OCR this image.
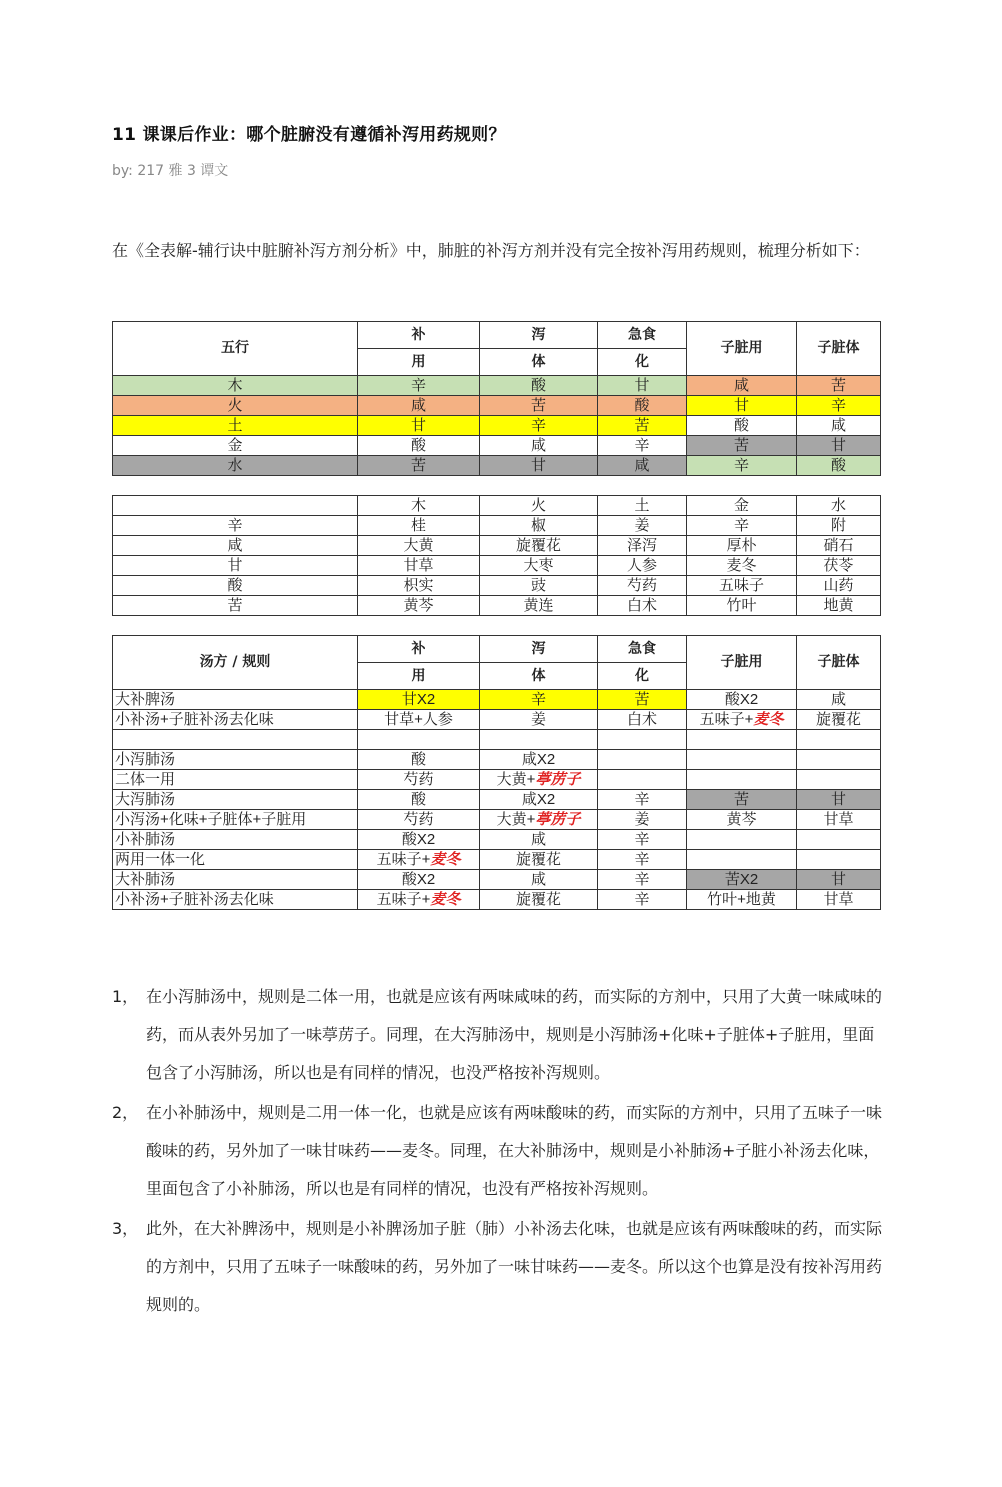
11 课课后作业：哪个脏腑没有遵循补泻用药规则？
by: 217 雅 3 谭文
在《全表解-辅行诀中脏腑补泻方剂分析》中，肺脏的补泻方剂并没有完全按补泻用药规则，梳理分析如下：
五行	补	泻	急食	子脏用	子脏体
	用	体	化		
木	辛	酸	甘	咸	苦
火	咸	苦	酸	甘	辛
土	甘	辛	苦	酸	咸
金	酸	咸	辛	苦	甘
水	苦	甘	咸	辛	酸

	木	火	土	金	水
辛	桂	椒	姜	辛	附
咸	大黄	旋覆花	泽泻	厚朴	硝石
甘	甘草	大枣	人参	麦冬	茯苓
酸	枳实	豉	芍药	五味子	山药
苦	黄芩	黄连	白术	竹叶	地黄

汤方 / 规则	补	泻	急食	子脏用	子脏体
	用	体	化		
大补脾汤	甘X2	辛	苦	酸X2	咸
小补汤+子脏补汤去化味	甘草+人参	姜	白术	五味子+麦冬	旋覆花

小泻肺汤	酸	咸X2			
二体一用	芍药	大黄+葶苈子			
大泻肺汤	酸	咸X2	辛	苦	甘
小泻汤+化味+子脏体+子脏用	芍药	大黄+葶苈子	姜	黄芩	甘草
小补肺汤	酸X2	咸	辛		
两用一体一化	五味子+麦冬	旋覆花	辛		
大补肺汤	酸X2	咸	辛	苦X2	甘
小补汤+子脏补汤去化味	五味子+麦冬	旋覆花	辛	竹叶+地黄	甘草
1， 在小泻肺汤中，规则是二体一用，也就是应该有两味咸味的药，而实际的方剂中，只用了大黄一味咸味的药，而从表外另加了一味葶苈子。同理，在大泻肺汤中，规则是小泻肺汤+化味+子脏体+子脏用，里面包含了小泻肺汤，所以也是有同样的情况，也没严格按补泻规则。
2， 在小补肺汤中，规则是二用一体一化，也就是应该有两味酸味的药，而实际的方剂中，只用了五味子一味酸味的药，另外加了一味甘味药——麦冬。同理，在大补肺汤中，规则是小补肺汤+子脏小补汤去化味，里面包含了小补肺汤，所以也是有同样的情况，也没有严格按补泻规则。
3， 此外，在大补脾汤中，规则是小补脾汤加子脏（肺）小补汤去化味，也就是应该有两味酸味的药，而实际的方剂中，只用了五味子一味酸味的药，另外加了一味甘味药——麦冬。所以这个也算是没有按补泻用药规则的。
